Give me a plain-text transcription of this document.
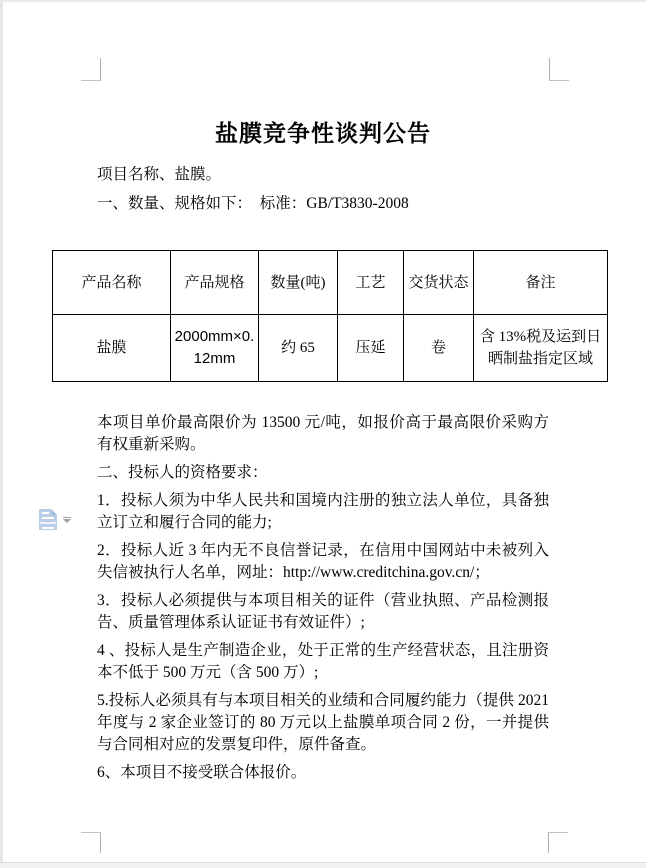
盐膜竞争性谈判公告

项目名称、盐膜。

一、数量、规格如下：　标准：GB/T3830-2008

产品名称	产品规格	数量(吨)	工艺	交货状态	备注
盐膜	2000mm×0.12mm	约 65	压延	卷	含 13%税及运到日晒制盐指定区域

本项目单价最高限价为 13500 元/吨，如报价高于最高限价采购方有权重新采购。

二、投标人的资格要求：

1．投标人须为中华人民共和国境内注册的独立法人单位，具备独立订立和履行合同的能力;

2．投标人近 3 年内无不良信誉记录，在信用中国网站中未被列入失信被执行人名单，网址：http://www.creditchina.gov.cn/；

3．投标人必须提供与本项目相关的证件（营业执照、产品检测报告、质量管理体系认证证书有效证件）;

4 、投标人是生产制造企业，处于正常的生产经营状态，且注册资本不低于 500 万元（含 500 万）;

5.投标人必须具有与本项目相关的业绩和合同履约能力（提供 2021 年度与 2 家企业签订的 80 万元以上盐膜单项合同 2 份，一并提供与合同相对应的发票复印件，原件备查。

6、本项目不接受联合体报价。
